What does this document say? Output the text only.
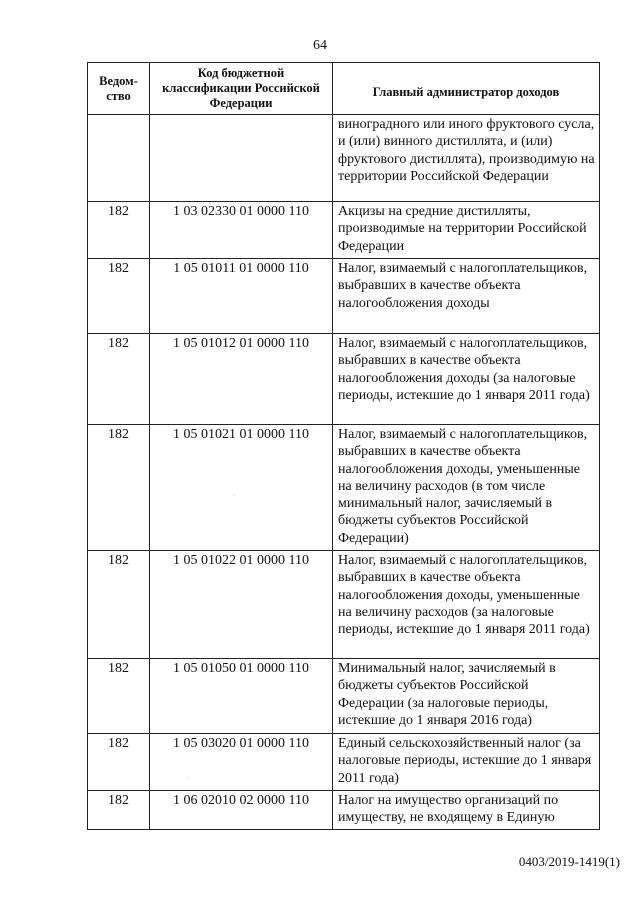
64
Ведом-ство	Код бюджетной классификации Российской Федерации	Главный администратор доходов
		виноградного или иного фруктового сусла, и (или) винного дистиллята, и (или) фруктового дистиллята), производимую на территории Российской Федерации
182	1 03 02330 01 0000 110	Акцизы на средние дистилляты, производимые на территории Российской Федерации
182	1 05 01011 01 0000 110	Налог, взимаемый с налогоплательщиков, выбравших в качестве объекта налогообложения доходы
182	1 05 01012 01 0000 110	Налог, взимаемый с налогоплательщиков, выбравших в качестве объекта налогообложения доходы (за налоговые периоды, истекшие до 1 января 2011 года)
182	1 05 01021 01 0000 110	Налог, взимаемый с налогоплательщиков, выбравших в качестве объекта налогообложения доходы, уменьшенные на величину расходов (в том числе минимальный налог, зачисляемый в бюджеты субъектов Российской Федерации)
182	1 05 01022 01 0000 110	Налог, взимаемый с налогоплательщиков, выбравших в качестве объекта налогообложения доходы, уменьшенные на величину расходов (за налоговые периоды, истекшие до 1 января 2011 года)
182	1 05 01050 01 0000 110	Минимальный налог, зачисляемый в бюджеты субъектов Российской Федерации (за налоговые периоды, истекшие до 1 января 2016 года)
182	1 05 03020 01 0000 110	Единый сельскохозяйственный налог (за налоговые периоды, истекшие до 1 января 2011 года)
182	1 06 02010 02 0000 110	Налог на имущество организаций по имуществу, не входящему в Единую
·
·
0403/2019-1419(1)
